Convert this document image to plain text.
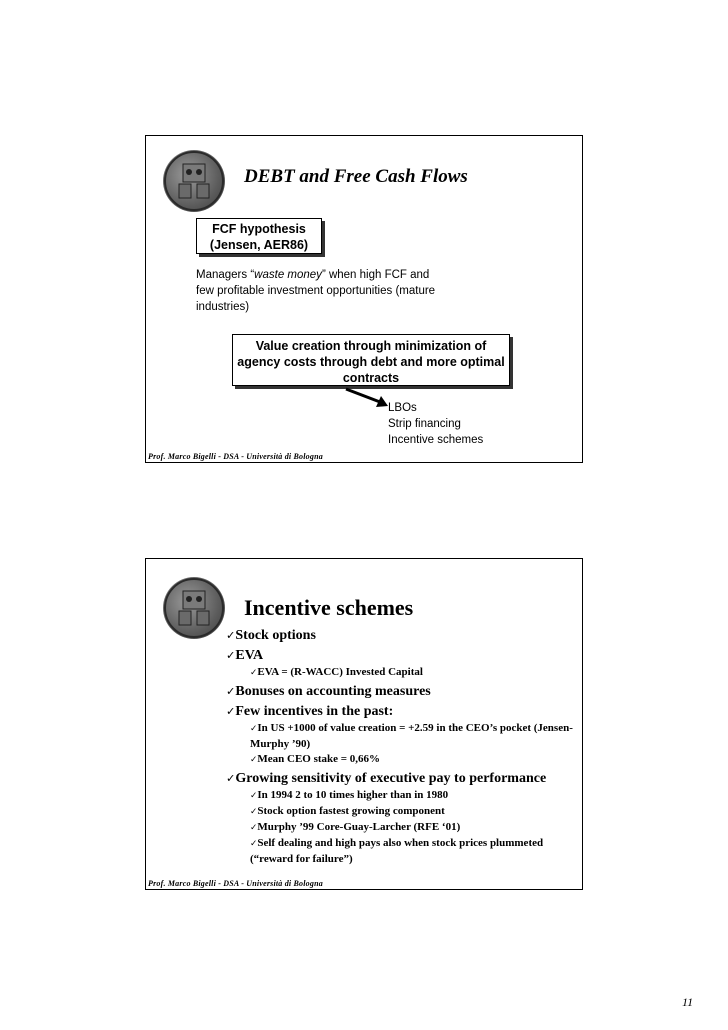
DEBT and Free Cash Flows
FCF hypothesis
(Jensen, AER86)
Managers “waste money” when high FCF and few profitable investment opportunities (mature industries)
Value creation through minimization of agency costs through debt and more optimal contracts
LBOs
Strip financing
Incentive schemes
Prof. Marco Bigelli - DSA - Università di Bologna
Incentive schemes
✓Stock options
✓EVA
✓EVA = (R-WACC) Invested Capital
✓Bonuses on accounting measures
✓Few incentives in the past:
✓In US +1000 of value creation = +2.59 in the CEO’s pocket (Jensen-Murphy ’90)
✓Mean CEO stake = 0,66%
✓Growing sensitivity of executive pay to performance
✓In 1994 2 to 10 times higher than in 1980
✓Stock option fastest growing component
✓Murphy ’99 Core-Guay-Larcher (RFE ‘01)
✓Self dealing and high pays also when stock prices plummeted (“reward for failure”)
Prof. Marco Bigelli - DSA - Università di Bologna
11
